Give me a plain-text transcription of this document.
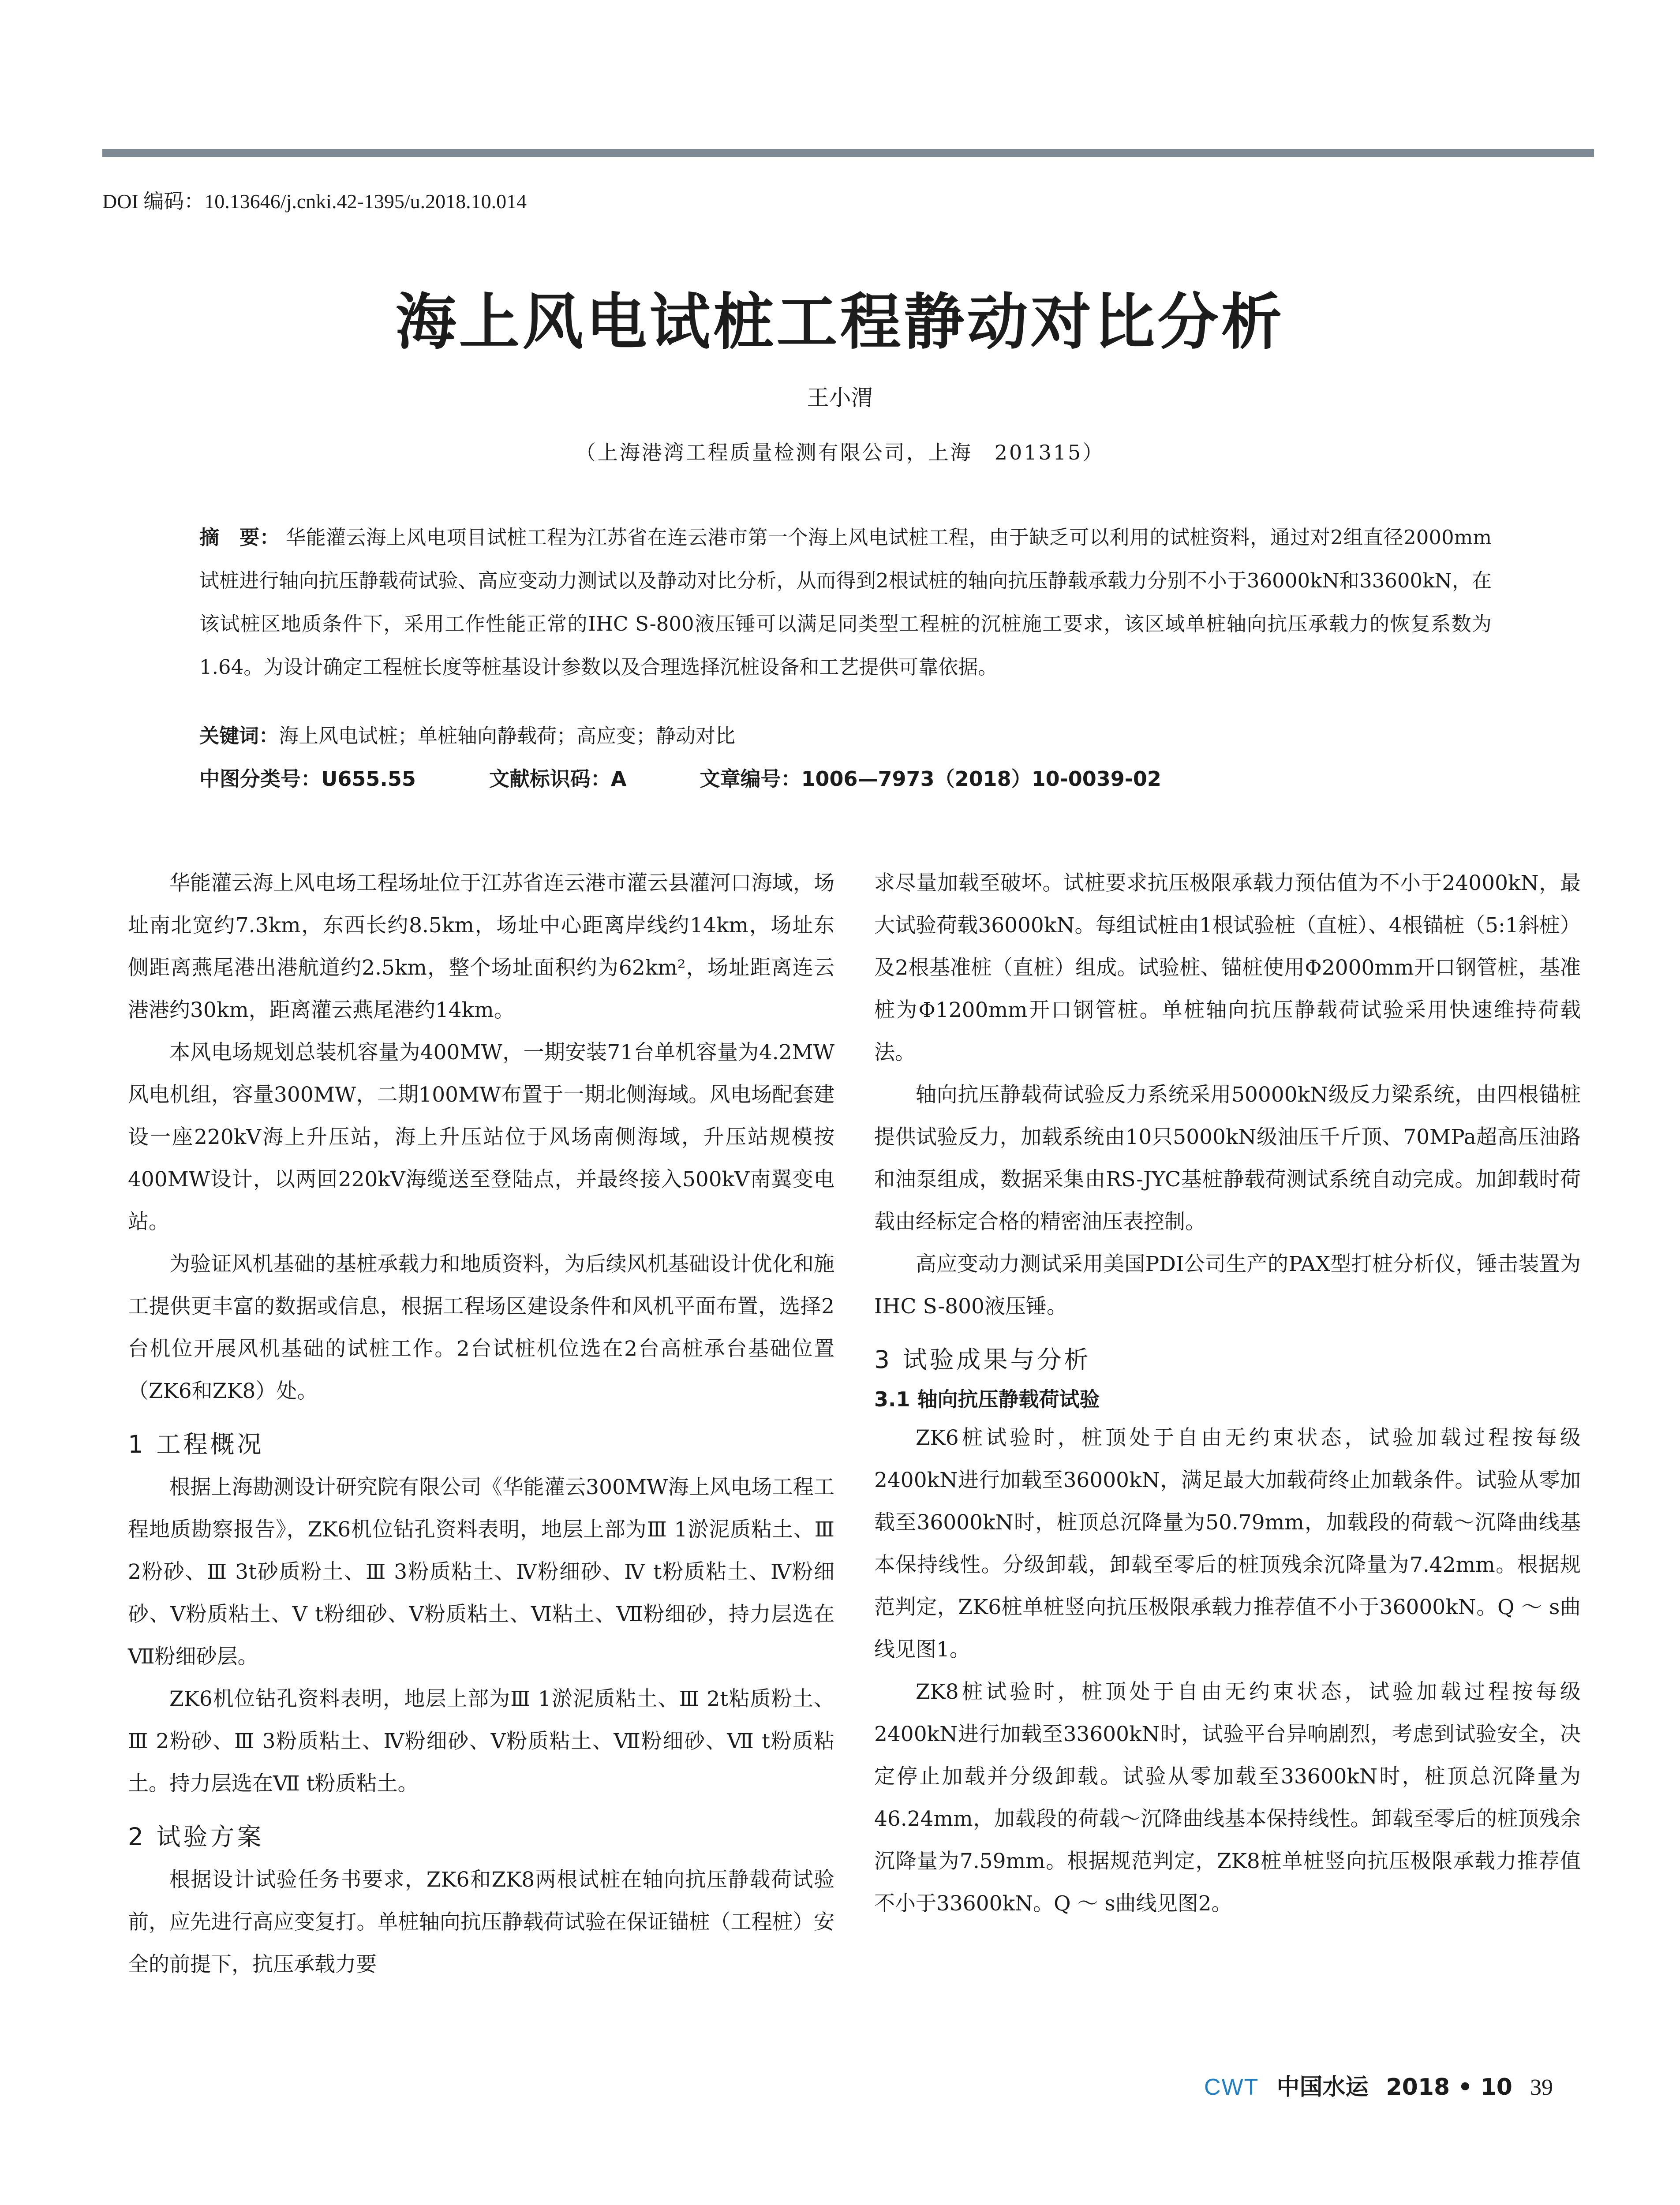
DOI 编码：10.13646/j.cnki.42-1395/u.2018.10.014
海上风电试桩工程静动对比分析
王小渭
（上海港湾工程质量检测有限公司，上海　201315）
摘　要： 华能灌云海上风电项目试桩工程为江苏省在连云港市第一个海上风电试桩工程，由于缺乏可以利用的试桩资料，通过对2组直径2000mm试桩进行轴向抗压静载荷试验、高应变动力测试以及静动对比分析，从而得到2根试桩的轴向抗压静载承载力分别不小于36000kN和33600kN，在该试桩区地质条件下，采用工作性能正常的IHC S-800液压锤可以满足同类型工程桩的沉桩施工要求，该区域单桩轴向抗压承载力的恢复系数为1.64。为设计确定工程桩长度等桩基设计参数以及合理选择沉桩设备和工艺提供可靠依据。
关键词：海上风电试桩；单桩轴向静载荷；高应变；静动对比
中图分类号：U655.55	文献标识码：A	文章编号：1006—7973（2018）10-0039-02

华能灌云海上风电场工程场址位于江苏省连云港市灌云县灌河口海域，场址南北宽约7.3km，东西长约8.5km，场址中心距离岸线约14km，场址东侧距离燕尾港出港航道约2.5km，整个场址面积约为62km²，场址距离连云港港约30km，距离灌云燕尾港约14km。

本风电场规划总装机容量为400MW，一期安装71台单机容量为4.2MW风电机组，容量300MW，二期100MW布置于一期北侧海域。风电场配套建设一座220kV海上升压站，海上升压站位于风场南侧海域，升压站规模按400MW设计，以两回220kV海缆送至登陆点，并最终接入500kV南翼变电站。

为验证风机基础的基桩承载力和地质资料，为后续风机基础设计优化和施工提供更丰富的数据或信息，根据工程场区建设条件和风机平面布置，选择2台机位开展风机基础的试桩工作。2台试桩机位选在2台高桩承台基础位置（ZK6和ZK8）处。

1 工程概况

根据上海勘测设计研究院有限公司《华能灌云300MW海上风电场工程工程地质勘察报告》，ZK6机位钻孔资料表明，地层上部为Ⅲ 1淤泥质粘土、Ⅲ 2粉砂、Ⅲ 3t砂质粉土、Ⅲ 3粉质粘土、Ⅳ粉细砂、Ⅳ t粉质粘土、Ⅳ粉细砂、Ⅴ粉质粘土、Ⅴ t粉细砂、Ⅴ粉质粘土、Ⅵ粘土、Ⅶ粉细砂，持力层选在Ⅶ粉细砂层。

ZK6机位钻孔资料表明，地层上部为Ⅲ 1淤泥质粘土、Ⅲ 2t粘质粉土、Ⅲ 2粉砂、Ⅲ 3粉质粘土、Ⅳ粉细砂、Ⅴ粉质粘土、Ⅶ粉细砂、Ⅶ t粉质粘土。持力层选在Ⅶ t粉质粘土。

2 试验方案

根据设计试验任务书要求，ZK6和ZK8两根试桩在轴向抗压静载荷试验前，应先进行高应变复打。单桩轴向抗压静载荷试验在保证锚桩（工程桩）安全的前提下，抗压承载力要

求尽量加载至破坏。试桩要求抗压极限承载力预估值为不小于24000kN，最大试验荷载36000kN。每组试桩由1根试验桩（直桩）、4根锚桩（5:1斜桩）及2根基准桩（直桩）组成。试验桩、锚桩使用Φ2000mm开口钢管桩，基准桩为Φ1200mm开口钢管桩。单桩轴向抗压静载荷试验采用快速维持荷载法。

轴向抗压静载荷试验反力系统采用50000kN级反力梁系统，由四根锚桩提供试验反力，加载系统由10只5000kN级油压千斤顶、70MPa超高压油路和油泵组成，数据采集由RS-JYC基桩静载荷测试系统自动完成。加卸载时荷载由经标定合格的精密油压表控制。

高应变动力测试采用美国PDI公司生产的PAX型打桩分析仪，锤击装置为IHC S-800液压锤。

3 试验成果与分析
3.1 轴向抗压静载荷试验

ZK6桩试验时，桩顶处于自由无约束状态，试验加载过程按每级2400kN进行加载至36000kN，满足最大加载荷终止加载条件。试验从零加载至36000kN时，桩顶总沉降量为50.79mm，加载段的荷载～沉降曲线基本保持线性。分级卸载，卸载至零后的桩顶残余沉降量为7.42mm。根据规范判定，ZK6桩单桩竖向抗压极限承载力推荐值不小于36000kN。Q ～ s曲线见图1。

ZK8桩试验时，桩顶处于自由无约束状态，试验加载过程按每级2400kN进行加载至33600kN时，试验平台异响剧烈，考虑到试验安全，决定停止加载并分级卸载。试验从零加载至33600kN时，桩顶总沉降量为46.24mm，加载段的荷载～沉降曲线基本保持线性。卸载至零后的桩顶残余沉降量为7.59mm。根据规范判定，ZK8桩单桩竖向抗压极限承载力推荐值不小于33600kN。Q ～ s曲线见图2。

CWT 中国水运 2018 • 10 39
